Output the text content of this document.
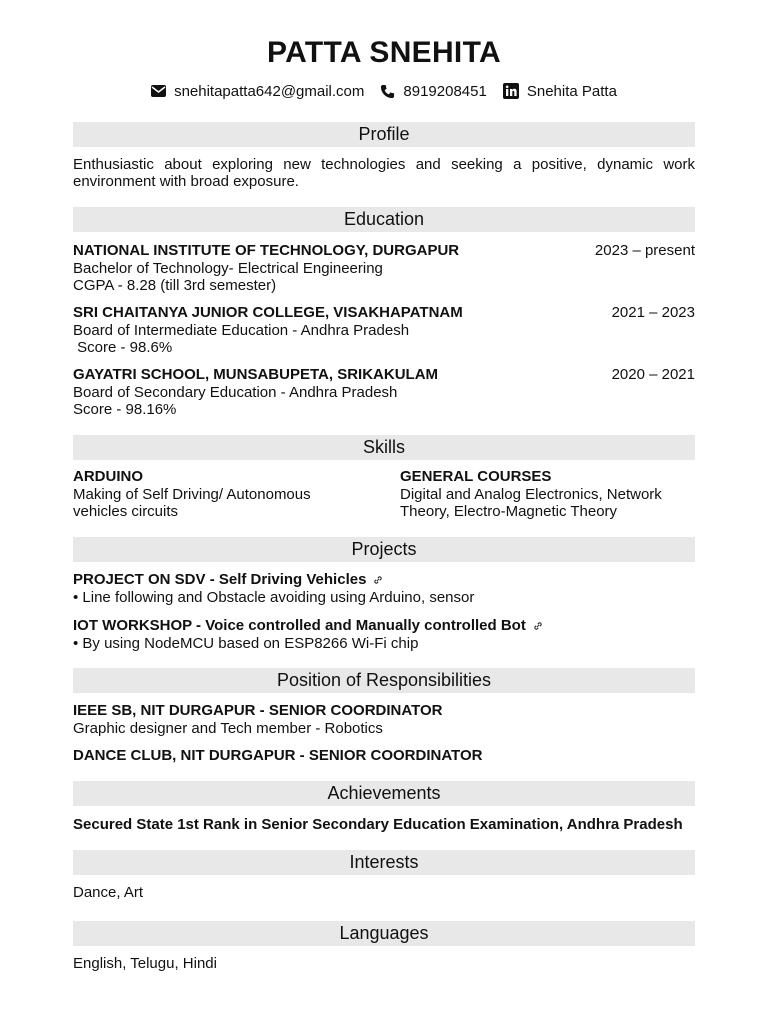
PATTA SNEHITA
snehitapatta642@gmail.com	8919208451	Snehita Patta
Profile
Enthusiastic about exploring new technologies and seeking a positive, dynamic work
environment with broad exposure.
Education
NATIONAL INSTITUTE OF TECHNOLOGY, DURGAPUR	2023 – present
Bachelor of Technology- Electrical Engineering
CGPA - 8.28 (till 3rd semester)
SRI CHAITANYA JUNIOR COLLEGE, VISAKHAPATNAM	2021 – 2023
Board of Intermediate Education - Andhra Pradesh
Score - 98.6%
GAYATRI SCHOOL, MUNSABUPETA, SRIKAKULAM	2020 – 2021
Board of Secondary Education - Andhra Pradesh
Score - 98.16%
Skills
ARDUINO
Making of Self Driving/ Autonomous
vehicles circuits
GENERAL COURSES
Digital and Analog Electronics, Network
Theory, Electro-Magnetic Theory
Projects
PROJECT ON SDV - Self Driving Vehicles
• Line following and Obstacle avoiding using Arduino, sensor
IOT WORKSHOP - Voice controlled and Manually controlled Bot
• By using NodeMCU based on ESP8266 Wi-Fi chip
Position of Responsibilities
IEEE SB, NIT DURGAPUR - SENIOR COORDINATOR
Graphic designer and Tech member - Robotics
DANCE CLUB, NIT DURGAPUR - SENIOR COORDINATOR
Achievements
Secured State 1st Rank in Senior Secondary Education Examination, Andhra Pradesh
Interests
Dance, Art
Languages
English, Telugu, Hindi
